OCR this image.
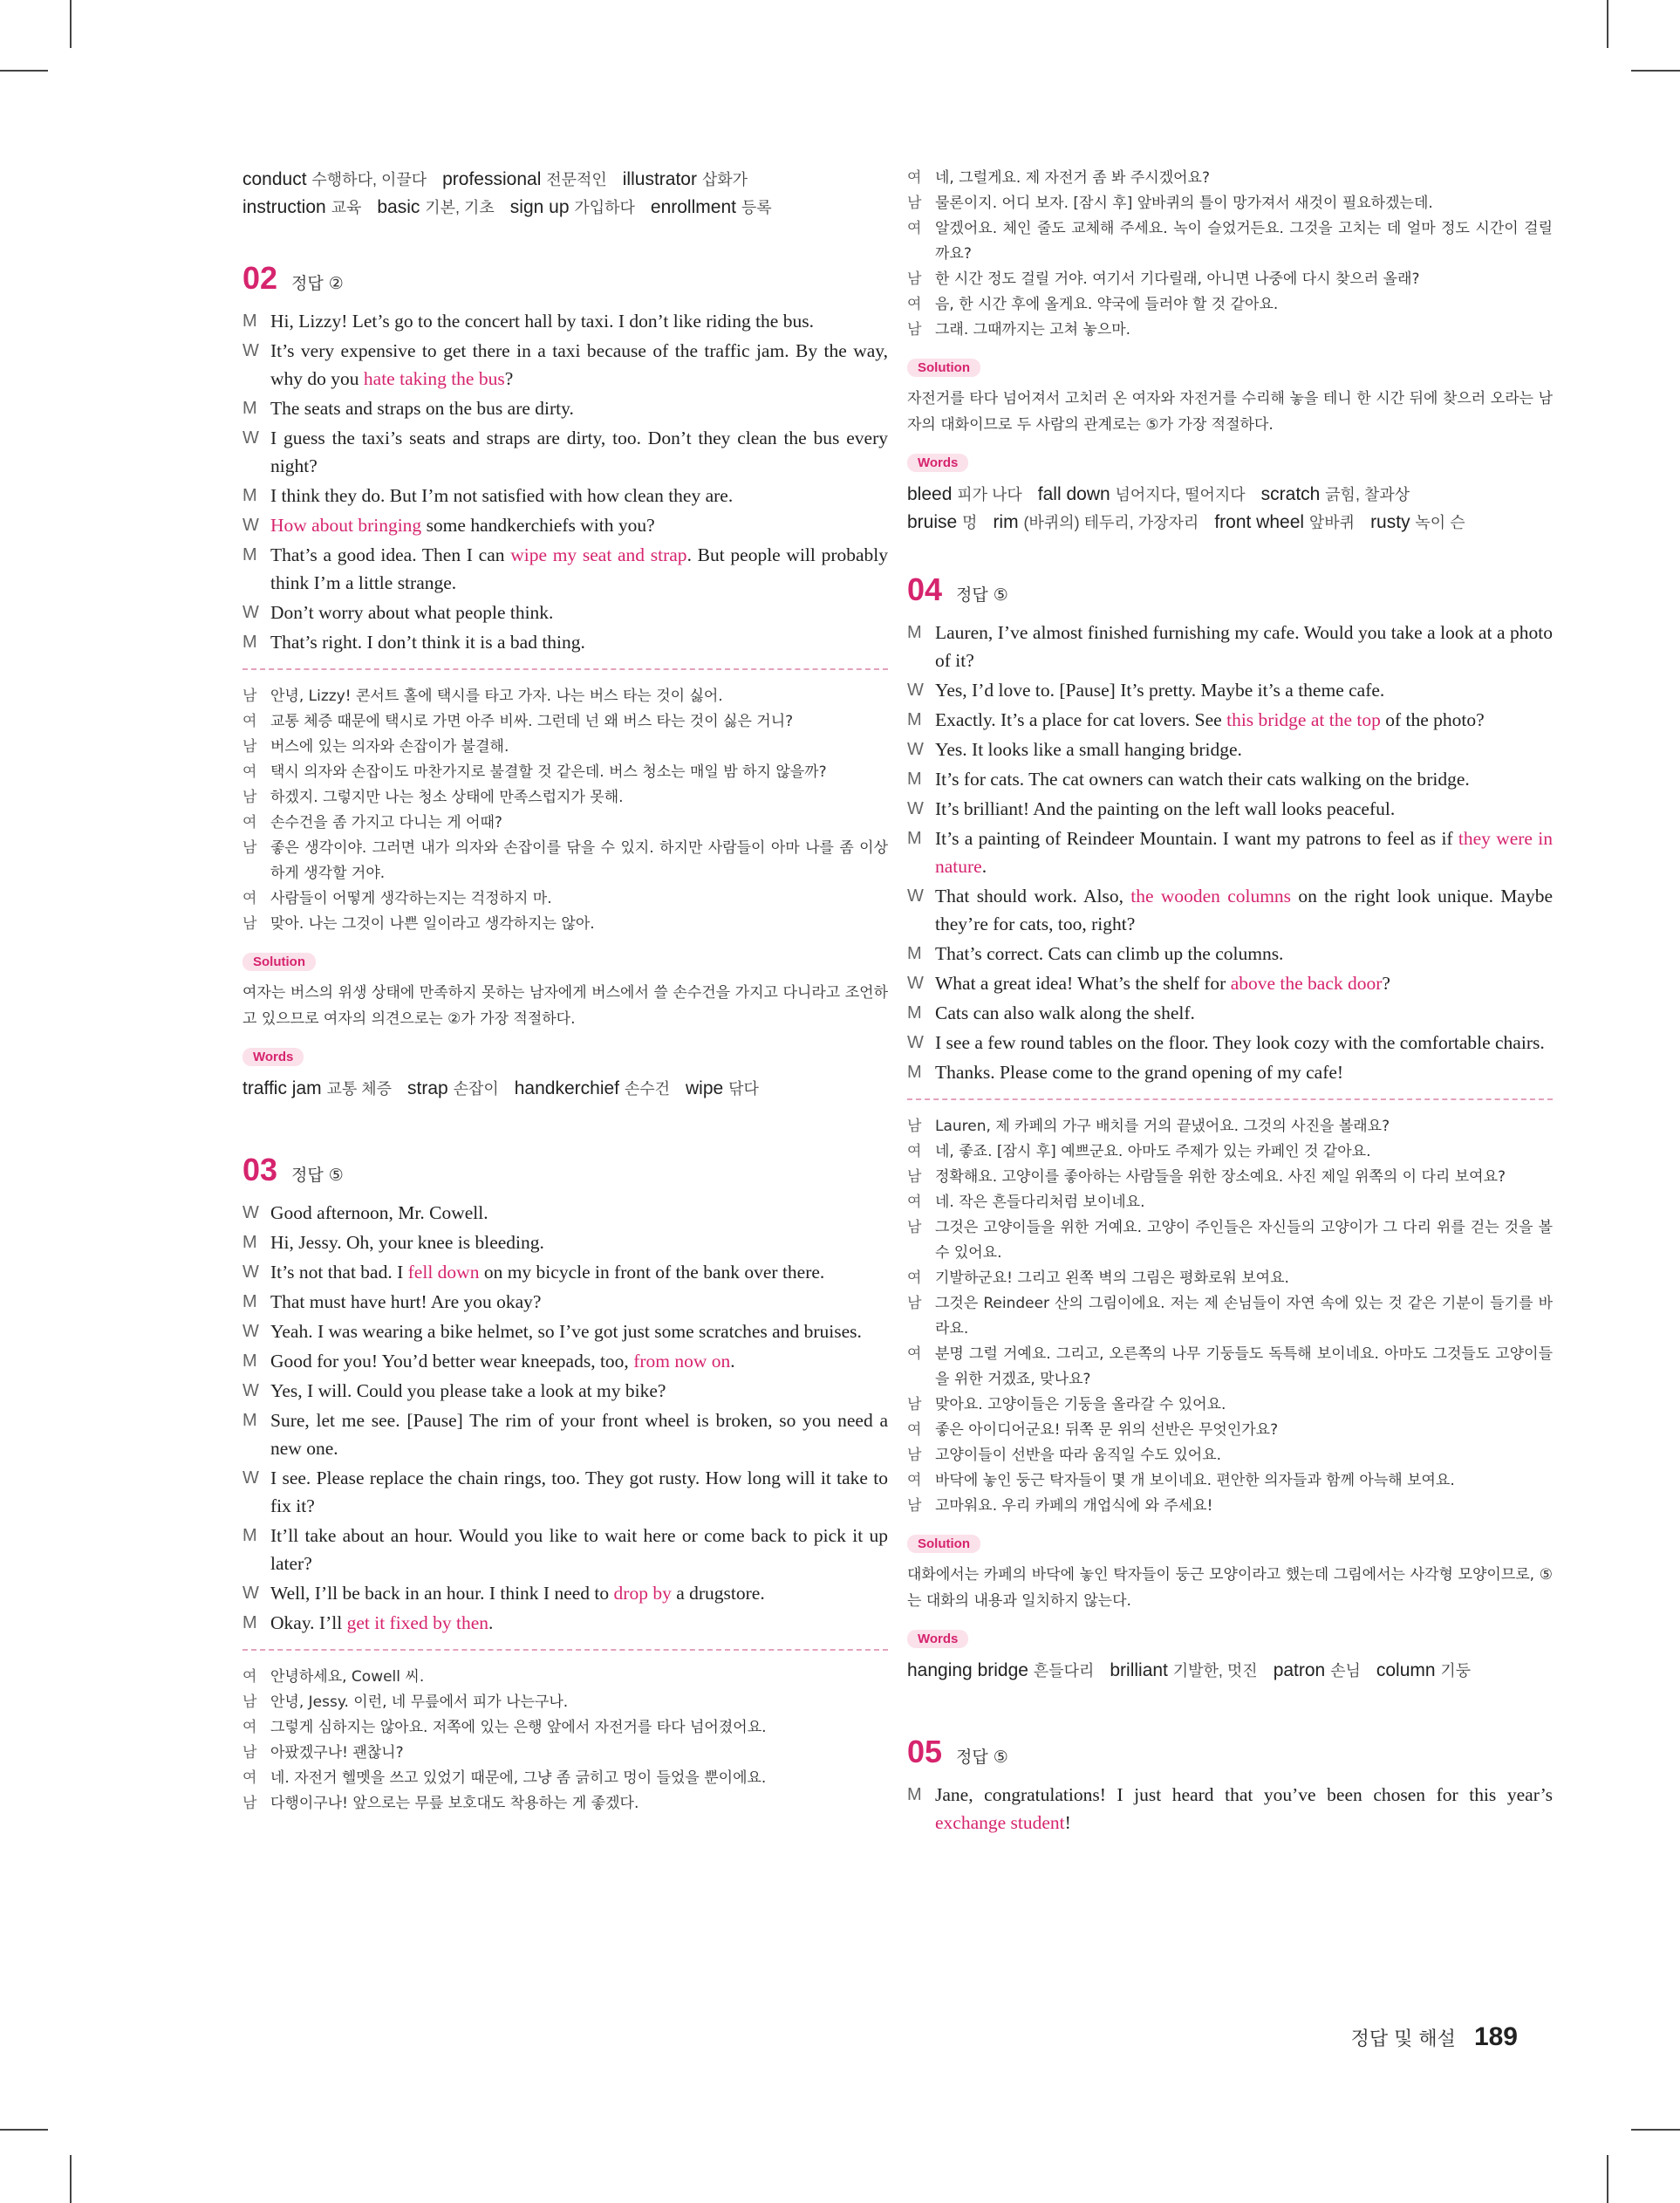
conduct 수행하다, 이끌다 professional 전문적인 illustrator 삽화가
instruction 교육 basic 기본, 기초 sign up 가입하다 enrollment 등록
02 정답 ②
M Hi, Lizzy! Let’s go to the concert hall by taxi. I don’t like riding the bus.
W It’s very expensive to get there in a taxi because of the traffic jam. By the way, why do you hate taking the bus?
M The seats and straps on the bus are dirty.
W I guess the taxi’s seats and straps are dirty, too. Don’t they clean the bus every night?
M I think they do. But I’m not satisfied with how clean they are.
W How about bringing some handkerchiefs with you?
M That’s a good idea. Then I can wipe my seat and strap. But people will probably think I’m a little strange.
W Don’t worry about what people think.
M That’s right. I don’t think it is a bad thing.
남 안녕, Lizzy! 콘서트 홀에 택시를 타고 가자. 나는 버스 타는 것이 싫어.
여 교통 체증 때문에 택시로 가면 아주 비싸. 그런데 넌 왜 버스 타는 것이 싫은 거니?
남 버스에 있는 의자와 손잡이가 불결해.
여 택시 의자와 손잡이도 마찬가지로 불결할 것 같은데. 버스 청소는 매일 밤 하지 않을까?
남 하겠지. 그렇지만 나는 청소 상태에 만족스럽지가 못해.
여 손수건을 좀 가지고 다니는 게 어때?
남 좋은 생각이야. 그러면 내가 의자와 손잡이를 닦을 수 있지. 하지만 사람들이 아마 나를 좀 이상하게 생각할 거야.
여 사람들이 어떻게 생각하는지는 걱정하지 마.
남 맞아. 나는 그것이 나쁜 일이라고 생각하지는 않아.
Solution
여자는 버스의 위생 상태에 만족하지 못하는 남자에게 버스에서 쓸 손수건을 가지고 다니라고 조언하고 있으므로 여자의 의견으로는 ②가 가장 적절하다.
Words
traffic jam 교통 체증 strap 손잡이 handkerchief 손수건 wipe 닦다
03 정답 ⑤
W Good afternoon, Mr. Cowell.
M Hi, Jessy. Oh, your knee is bleeding.
W It’s not that bad. I fell down on my bicycle in front of the bank over there.
M That must have hurt! Are you okay?
W Yeah. I was wearing a bike helmet, so I’ve got just some scratches and bruises.
M Good for you! You’d better wear kneepads, too, from now on.
W Yes, I will. Could you please take a look at my bike?
M Sure, let me see. [Pause] The rim of your front wheel is broken, so you need a new one.
W I see. Please replace the chain rings, too. They got rusty. How long will it take to fix it?
M It’ll take about an hour. Would you like to wait here or come back to pick it up later?
W Well, I’ll be back in an hour. I think I need to drop by a drugstore.
M Okay. I’ll get it fixed by then.
여 안녕하세요, Cowell 씨.
남 안녕, Jessy. 이런, 네 무릎에서 피가 나는구나.
여 그렇게 심하지는 않아요. 저쪽에 있는 은행 앞에서 자전거를 타다 넘어졌어요.
남 아팠겠구나! 괜찮니?
여 네. 자전거 헬멧을 쓰고 있었기 때문에, 그냥 좀 긁히고 멍이 들었을 뿐이에요.
남 다행이구나! 앞으로는 무릎 보호대도 착용하는 게 좋겠다.
여 네, 그럴게요. 제 자전거 좀 봐 주시겠어요?
남 물론이지. 어디 보자. [잠시 후] 앞바퀴의 틀이 망가져서 새것이 필요하겠는데.
여 알겠어요. 체인 줄도 교체해 주세요. 녹이 슬었거든요. 그것을 고치는 데 얼마 정도 시간이 걸릴까요?
남 한 시간 정도 걸릴 거야. 여기서 기다릴래, 아니면 나중에 다시 찾으러 올래?
여 음, 한 시간 후에 올게요. 약국에 들러야 할 것 같아요.
남 그래. 그때까지는 고쳐 놓으마.
Solution
자전거를 타다 넘어져서 고치러 온 여자와 자전거를 수리해 놓을 테니 한 시간 뒤에 찾으러 오라는 남자의 대화이므로 두 사람의 관계로는 ⑤가 가장 적절하다.
Words
bleed 피가 나다 fall down 넘어지다, 떨어지다 scratch 긁힘, 찰과상
bruise 멍 rim (바퀴의) 테두리, 가장자리 front wheel 앞바퀴 rusty 녹이 슨
04 정답 ⑤
M Lauren, I’ve almost finished furnishing my cafe. Would you take a look at a photo of it?
W Yes, I’d love to. [Pause] It’s pretty. Maybe it’s a theme cafe.
M Exactly. It’s a place for cat lovers. See this bridge at the top of the photo?
W Yes. It looks like a small hanging bridge.
M It’s for cats. The cat owners can watch their cats walking on the bridge.
W It’s brilliant! And the painting on the left wall looks peaceful.
M It’s a painting of Reindeer Mountain. I want my patrons to feel as if they were in nature.
W That should work. Also, the wooden columns on the right look unique. Maybe they’re for cats, too, right?
M That’s correct. Cats can climb up the columns.
W What a great idea! What’s the shelf for above the back door?
M Cats can also walk along the shelf.
W I see a few round tables on the floor. They look cozy with the comfortable chairs.
M Thanks. Please come to the grand opening of my cafe!
남 Lauren, 제 카페의 가구 배치를 거의 끝냈어요. 그것의 사진을 볼래요?
여 네, 좋죠. [잠시 후] 예쁘군요. 아마도 주제가 있는 카페인 것 같아요.
남 정확해요. 고양이를 좋아하는 사람들을 위한 장소예요. 사진 제일 위쪽의 이 다리 보여요?
여 네. 작은 흔들다리처럼 보이네요.
남 그것은 고양이들을 위한 거예요. 고양이 주인들은 자신들의 고양이가 그 다리 위를 걷는 것을 볼 수 있어요.
여 기발하군요! 그리고 왼쪽 벽의 그림은 평화로워 보여요.
남 그것은 Reindeer 산의 그림이에요. 저는 제 손님들이 자연 속에 있는 것 같은 기분이 들기를 바라요.
여 분명 그럴 거예요. 그리고, 오른쪽의 나무 기둥들도 독특해 보이네요. 아마도 그것들도 고양이들을 위한 거겠죠, 맞나요?
남 맞아요. 고양이들은 기둥을 올라갈 수 있어요.
여 좋은 아이디어군요! 뒤쪽 문 위의 선반은 무엇인가요?
남 고양이들이 선반을 따라 움직일 수도 있어요.
여 바닥에 놓인 둥근 탁자들이 몇 개 보이네요. 편안한 의자들과 함께 아늑해 보여요.
남 고마워요. 우리 카페의 개업식에 와 주세요!
Solution
대화에서는 카페의 바닥에 놓인 탁자들이 둥근 모양이라고 했는데 그림에서는 사각형 모양이므로, ⑤는 대화의 내용과 일치하지 않는다.
Words
hanging bridge 흔들다리 brilliant 기발한, 멋진 patron 손님 column 기둥
05 정답 ⑤
M Jane, congratulations! I just heard that you’ve been chosen for this year’s exchange student!
정답 및 해설 189
